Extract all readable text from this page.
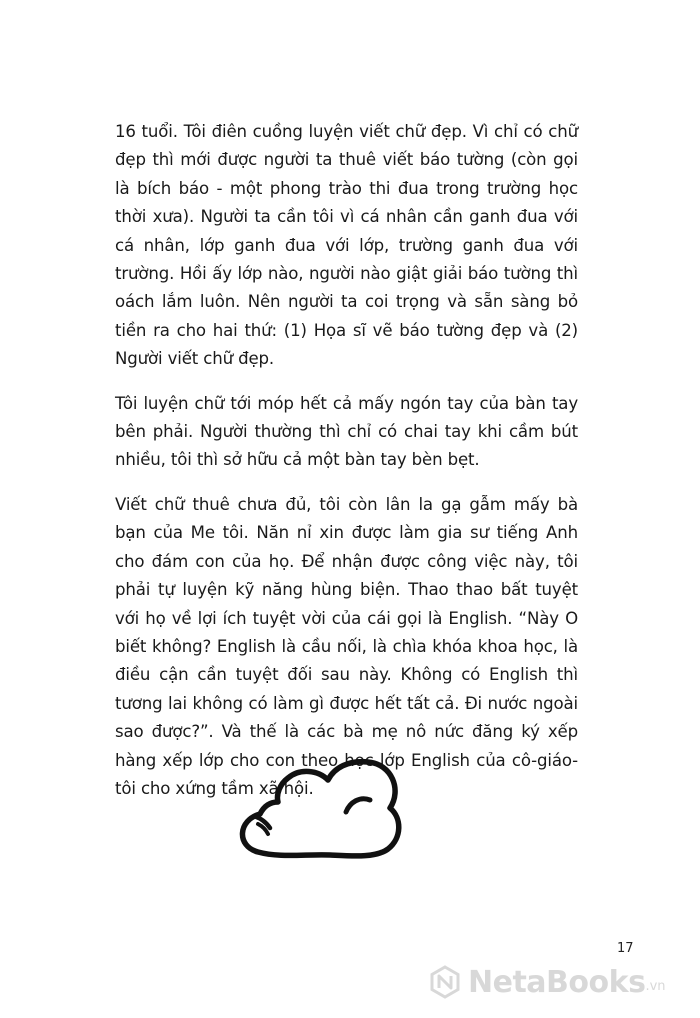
16 tuổi. Tôi điên cuồng luyện viết chữ đẹp. Vì chỉ có chữ đẹp thì mới được người ta thuê viết báo tường (còn gọi là bích báo - một phong trào thi đua trong trường học thời xưa). Người ta cần tôi vì cá nhân cần ganh đua với cá nhân, lớp ganh đua với lớp, trường ganh đua với trường. Hồi ấy lớp nào, người nào giật giải báo tường thì oách lắm luôn. Nên người ta coi trọng và sẵn sàng bỏ tiền ra cho hai thứ: (1) Họa sĩ vẽ báo tường đẹp và (2) Người viết chữ đẹp.

Tôi luyện chữ tới móp hết cả mấy ngón tay của bàn tay bên phải. Người thường thì chỉ có chai tay khi cầm bút nhiều, tôi thì sở hữu cả một bàn tay bèn bẹt.

Viết chữ thuê chưa đủ, tôi còn lân la gạ gẫm mấy bà bạn của Me tôi. Năn nỉ xin được làm gia sư tiếng Anh cho đám con của họ. Để nhận được công việc này, tôi phải tự luyện kỹ năng hùng biện. Thao thao bất tuyệt với họ về lợi ích tuyệt vời của cái gọi là English. “Này O biết không? English là cầu nối, là chìa khóa khoa học, là điều cận cần tuyệt đối sau này. Không có English thì tương lai không có làm gì được hết tất cả. Đi nước ngoài sao được?”. Và thế là các bà mẹ nô nức đăng ký xếp hàng xếp lớp cho con theo học lớp English của cô-giáo-tôi cho xứng tầm xã hội.

17
NetaBooks .vn
